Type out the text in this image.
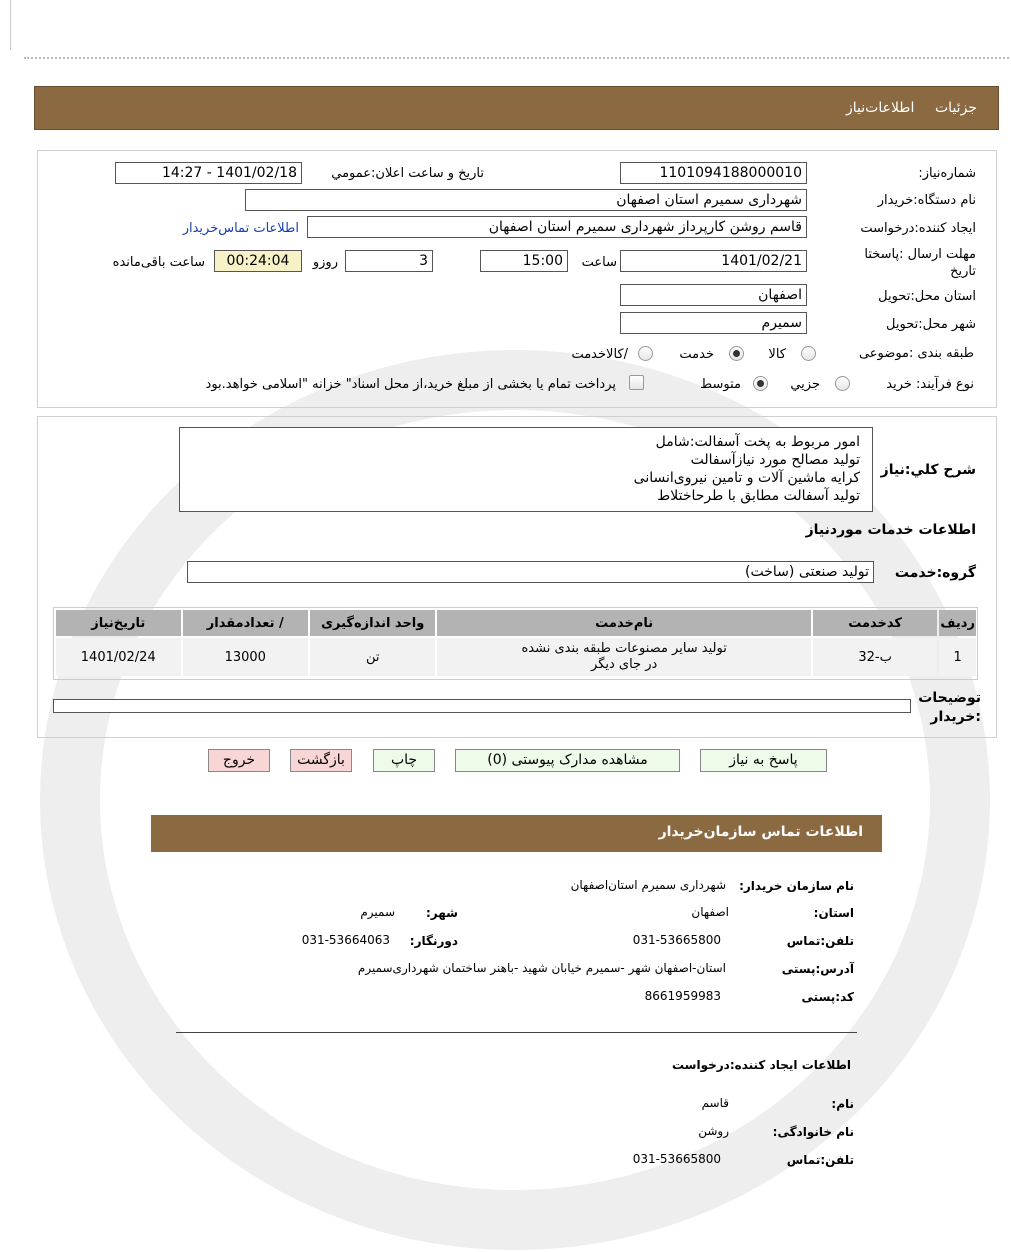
جزئیات
اطلاعات‌نیاز
شماره‌نیاز:
1101094188000010
تاریخ و ساعت اعلان:عمومي
1401/02/18 - 14:27
نام دستگاه‌:خریدار
شهرداری سمیرم استان اصفهان
ایجاد کننده:درخواست
قاسم روشن کارپرداز شهرداری سمیرم استان اصفهان
اطلاعات تماس‌خریدار
مهلت ارسال :پاسختا تاریخ
1401/02/21
ساعت
15:00
3
روزو
00:24:04
ساعت باقی‌مانده
استان محل:تحویل
اصفهان
شهر محل:تحویل
سمیرم
طبقه بندی :موضوعی
کالا
خدمت
/کالاخدمت
نوع فرآیند: خرید
جزیي
متوسط
پرداخت تمام یا بخشی از مبلغ خرید،از محل اسناد" خزانه "اسلامی خواهد.بود
شرح کلي:نیاز
امور مربوط به پخت آسفالت:شامل
تولید مصالح مورد نیازآسفالت
کرایه ماشین آلات و تامین نیروی‌انسانی
تولید آسفالت مطابق با طرحاختلاط
اطلاعات خدمات موردنیاز
گروه:خدمت
تولید صنعتی (ساخت)
ردیف	کدخدمت	نام‌خدمت	واحد اندازه‌گیری	/ تعدادمقدار	تاریخ‌نیاز
1	ب-32	تولید سایر مصنوعات طبقه بندی نشده
در جای دیگر	تن	13000	1401/02/24
توضیحات
:خریدار
پاسخ به نیاز
مشاهده مدارک پیوستی (0)
چاپ
بازگشت
خروج
اطلاعات تماس سازمان‌خریدار
نام سازمان خریدار:
شهرداری سمیرم استان‌اصفهان
استان:
اصفهان
شهر:
سمیرم
تلفن:تماس
031-53665800
دورنگار:
031-53664063
آدرس:پستی
استان-اصفهان شهر -سمیرم خیابان شهید -باهنر ساختمان شهرداری‌سمیرم
کد:پستی
8661959983
اطلاعات ایجاد کننده:درخواست
نام:
قاسم
نام خانوادگی:
روشن
تلفن:تماس
031-53665800
